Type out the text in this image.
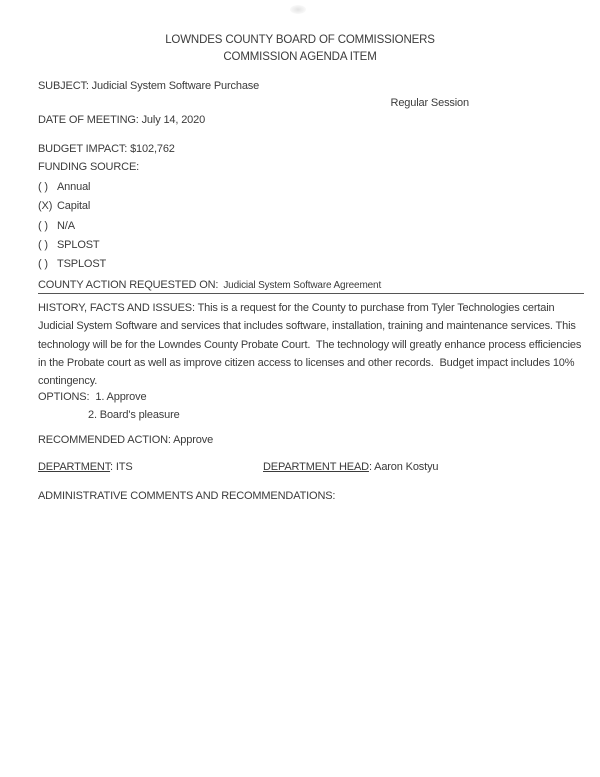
LOWNDES COUNTY BOARD OF COMMISSIONERS
COMMISSION AGENDA ITEM
SUBJECT: Judicial System Software Purchase
Regular Session
DATE OF MEETING: July 14, 2020
BUDGET IMPACT: $102,762
FUNDING SOURCE:
( ) Annual
(X) Capital
( ) N/A
( ) SPLOST
( ) TSPLOST
COUNTY ACTION REQUESTED ON: Judicial System Software Agreement

HISTORY, FACTS AND ISSUES: This is a request for the County to purchase from Tyler Technologies certain Judicial System Software and services that includes software, installation, training and maintenance services. This technology will be for the Lowndes County Probate Court.  The technology will greatly enhance process efficiencies in the Probate court as well as improve citizen access to licenses and other records.  Budget impact includes 10% contingency.

OPTIONS: 1. Approve
2. Board's pleasure
RECOMMENDED ACTION: Approve
DEPARTMENT: ITS	DEPARTMENT HEAD: Aaron Kostyu
ADMINISTRATIVE COMMENTS AND RECOMMENDATIONS:
